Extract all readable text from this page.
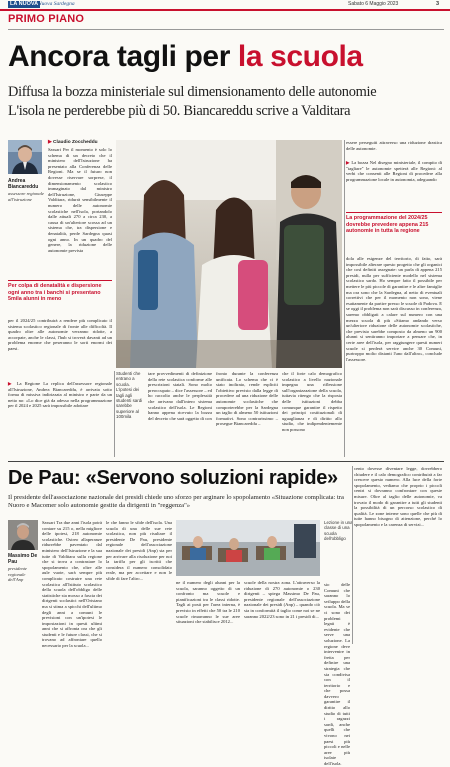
LA NUOVA Nuova Sardegna	Sabato 6 Maggio 2023	3
PRIMO PIANO
Ancora tagli per la scuola
Diffusa la bozza ministeriale sul dimensionamento delle autonomie
L'isola ne perderebbe più di 50. Biancareddu scrive a Valditara
Andrea Biancareddu
assessore regionale all'istruzione
▶ Claudio Zoccheddu
Sassari Per il momento è solo lo schema di un decreto che il ministero dell'Istruzione ha presentato alla Conferenza delle Regioni. Ma se il futuro non dovesse riservare sorprese, il dimensionamento scolastico immaginato dal ministro dell'Istruzione, Giuseppe Valditara, ridurrà sensibilmente il numero delle autonomie scolastiche nell'isola, portandolo dalle attuali 270 a circa 230, a causa di un'ulteriore scossa ad un sistema che, tra dispersione e denatalità, perde Sardegna quasi ogni anno. In un quadro del genere, la riduzione delle autonomie prevista
Per colpa di denatalità e dispersione ogni anno tra i banchi si presentano 5mila alunni in meno
per il 2024/25 contribuirà a rendere più complicato il sistema scolastico regionale di fronte alle difficoltà. Il quadro oltre alle autonomie verranno ridotte, a accorpate, anche le classi, l'hub si troverà davanti ad un problema enorme che peseranno le sorti enormi dei paesi.
▶ La Regione La replica dell'assessore regionale all'Istruzione, Andrea Biancareddu, è arrivata sotto forma di missiva indirizzata al ministro e parte da un netto no: «Lo dice già da adesso nella programmazione per il 2024 e 2025 sarà impossibile adottare
Studenti che entrano a scuola. L'ipotesi dei tagli agli studenti sardi sarebbe superiore al 100mila
tare provvedimenti di definizione della rete scolastica conforme alle prescrizioni statali. Sono molto preoccupato – dice l'assessore – ed ho raccolto anche le perplessità che arrivano dall'intero sistema scolastico dell'isola. Le Regioni hanno appena ricevuto la bozza del decreto che sarà oggetto di con
fronto durante la conferenza unificata. Lo schema che ci è stato inoltrato, rende espliciti l'obiettivo previsto dalla legge di procedere ad una riduzione delle autonomie scolastiche che comporterebbe per la Sardegna un taglio di almeno 50 istituzioni formativi. Sono contrarissimo – prosegue Biancareddu –
che il forte calo demografico scolastico a livello nazionale impegna una riflessione sull'organizzazione della scuola, tuttavia ritengo che la risposta delle istituzioni debba comunque garantire il rispetto dei principi costituzionali di uguaglianza e di diritto allo studio, che indipendentemente non possono
essere perseguiti attraverso una riduzione drastica delle autonomie.
▶ La bozza Nel disegno ministeriale, il compito di "tagliare" le autonomie spetterà alle Regioni: al verbi che consenti alle Regioni di procedere alla programmazione locale in autonomia, adeguando
La programmazione del 2024/25 dovrebbe prevedere appena 215 autonomie in tutta la regione
dola alle esigenze del territorio, di fatto, sarà impossibile alterare questo progetto che gli organici che così definiti assegnate: un parla di appena 215 presidi, nulla per sufficiente modello nel sistema scolastico sardo. Ho sempre fatto il possibile per mettere le più piccole di garantire e le altre famiglie ma ora sono che la Sardegna, al netto di eventuali correttivi che per il momento non sono, viene esattamente da partire presso le scuole di Padova. E se oggi il problema non sarà discusso in conferenza, saremo obbligati a calare sul numero con una mezza scuola di più «Stiamo andando verso un'ulteriore riduzione delle autonomie scolastiche, che previsto sarebbe composto da almeno un 900 alunni si sentiranno importare a pensare che, in certe aree dell'isola, per raggiungere questi numeri scuole si perderà servire anche 30 Comuni, purtroppo molto distanti l'uno dall'altro», conclude l'assessore.
De Pau: «Servono soluzioni rapide»
Il presidente dell'associazione nazionale dei presidi chiede uno sforzo per arginare lo spopolamento «Situazione complicata: tra Nuoro e Macomer solo autonomie gestite da dirigenti in "reggenza"»
Massimo De Pau
presidente regionale dell'Anp
Sassari Tra due anni l'isola potrà contare su 215 o, nella migliore delle ipotesi, 218 autonomie scolastiche. Ostreo allaperanze ridurrebbe paventato dal ministero dell'Istruzione e la sua tutte di Valditara sulla regione che si trova a contrastare lo spopolamento che, oltre alle aule vuote, sarà sempre più complicato costruire una rete scolastica all'Istituto scolastico della scuola dell'obbligo delle statistiche sta mosso a fascia dei dirigenti scolastici nell'Oristano ma si stima a spicchi dell'ultimo degli anni a comuni le previsioni con un'ipotesi le impostazioni in questi ultimi anni che si affronta ora che gli studenti e le future classi, che si trovano ad affrontare quello necessario per la scuola...
le che fanno le sfide dell'isola. Una scuola di una delle sue rete scolastica, non più risultare il presidente De Pau, presidente regionale dell'associazione nazionale dei presidi (Anp) sta per per arrivare alla risoluzione per noi la tariffa per gli iscritti che considera il numero consolidato reale, ma per accettare e non le sfide di fare l'altro...
ne il numero degli alunni per la scuola, saranno oggetto di un confronto ma scuole e pianificazioni tra le classi ridotte. Tagli ai posti per l'area interna, è previsto in effetti che 50 tra le 210 scuole rimarranno le sue aree situazioni che stabilisce 2012...
scuole della nostra zona. L'attraverso la riduzione di 270 autonomie o 230 dirigenti – spiega Massimo De Pau, presidente regionale dell'associazione nazionale dei presidi (Anp) – quando ciò sia in conformità il taglio come noi se ne saranno 2022/23 sono in 21 i presidi di...
Lezione in una classe di una scuola dell'obbligo
cento dovesse diventare legge, dovrebbero chiudere e il calo demografico contribuirà a far crescere questo numero. Alla luce della forte spopolamento, vediamo che proprio i piccoli centri si dovranno confrontare con queste misure. Oltre al taglio delle autonomie, va trovato il modo di garantire a tutti gli studenti la possibilità di un percorso scolastico di qualità. Le zone interne sono quelle che più di tutte hanno bisogno di attenzione, perché lo spopolamento e la carenza di servizi...
sio delle Comuni che saranno lo sviluppo della scuola. Ma se ci sono dei problemi legati è evidente che serve una soluzione. La regione deve intervenire in fretta per definire una strategia che sia condivisa con il territorio e che possa davvero garantire il diritto allo studio di tutti i ragazzi sardi, anche quelli che vivono nei paesi più piccoli e nelle aree più isolate dell'isola.
